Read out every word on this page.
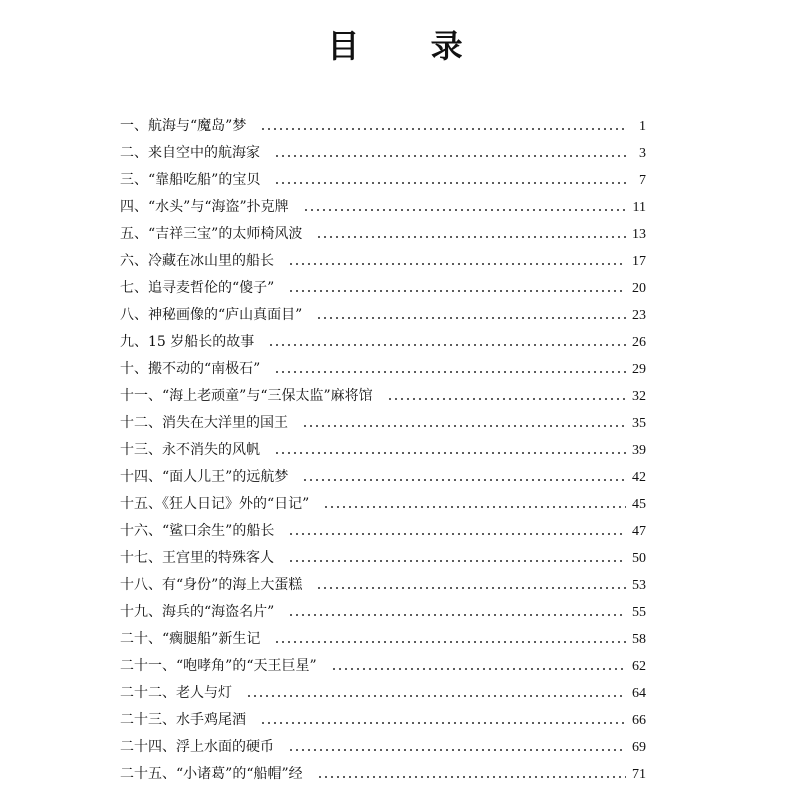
目 录
一、航海与“魔岛”梦	1
二、来自空中的航海家	3
三、“靠船吃船”的宝贝	7
四、“水头”与“海盗”扑克牌	11
五、“吉祥三宝”的太师椅风波	13
六、冷藏在冰山里的船长	17
七、追寻麦哲伦的“傻子”	20
八、神秘画像的“庐山真面目”	23
九、15 岁船长的故事	26
十、搬不动的“南极石”	29
十一、“海上老顽童”与“三保太监”麻将馆	32
十二、消失在大洋里的国王	35
十三、永不消失的风帆	39
十四、“面人儿王”的远航梦	42
十五、《狂人日记》外的“日记”	45
十六、“鲨口余生”的船长	47
十七、王宫里的特殊客人	50
十八、有“身份”的海上大蛋糕	53
十九、海兵的“海盗名片”	55
二十、“瘸腿船”新生记	58
二十一、“咆哮角”的“天王巨星”	62
二十二、老人与灯	64
二十三、水手鸡尾酒	66
二十四、浮上水面的硬币	69
二十五、“小诸葛”的“船帽”经	71
